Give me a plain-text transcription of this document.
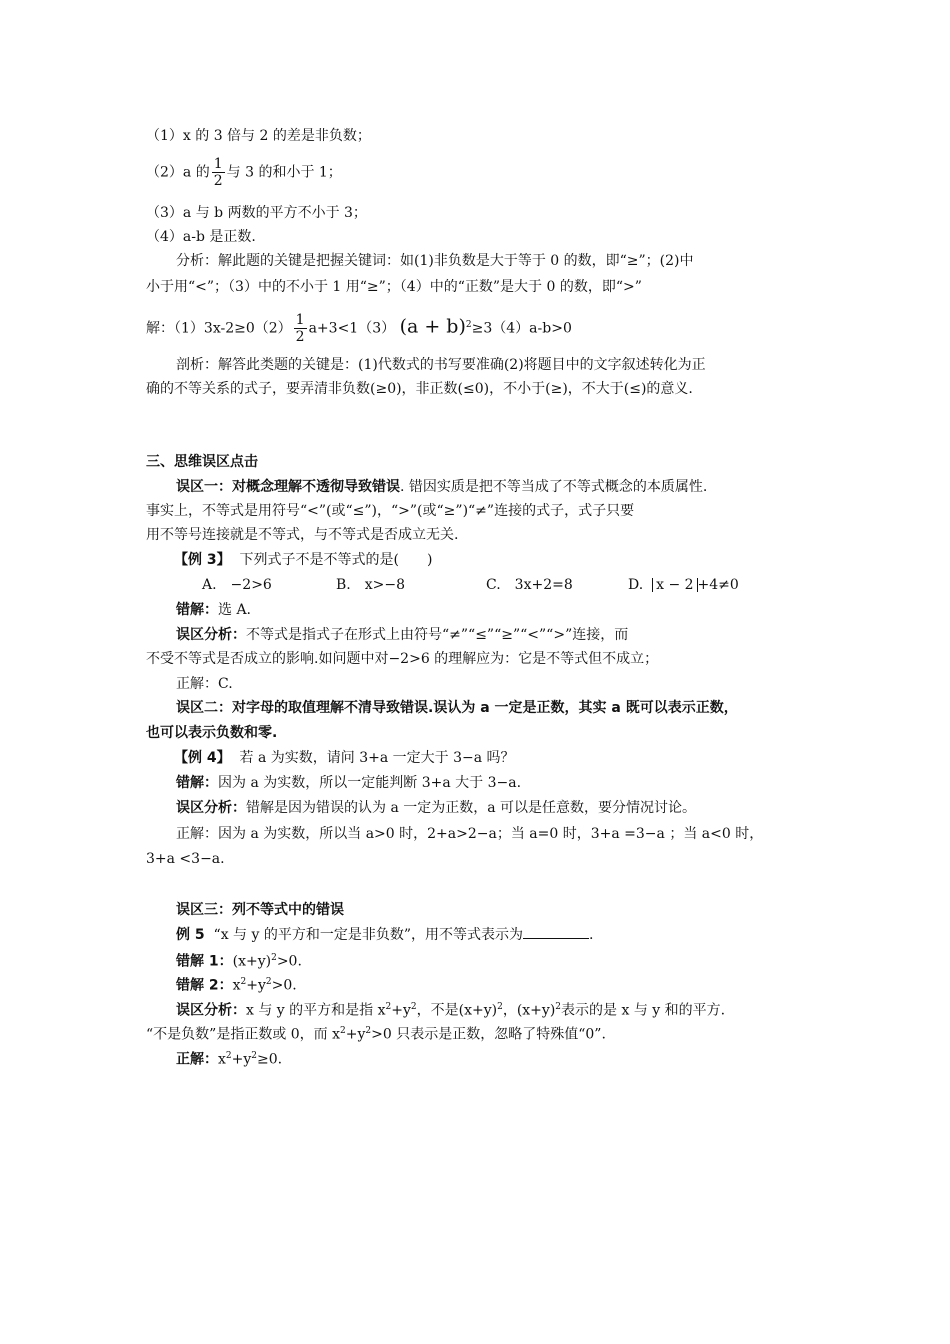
（1）x 的 3 倍与 2 的差是非负数；
（2）a 的 $\frac{1}{2}$ 与 3 的和小于 1；
（3）a 与 b 两数的平方不小于 3；
（4）a-b 是正数.
分析：解此题的关键是把握关键词：如(1)非负数是大于等于 0 的数，即“≥”；(2)中
小于用“<”；（3）中的不小于 1 用“≥”；（4）中的“正数”是大于 0 的数，即“>”
解：$(1)3x-2\ge 0(2) \frac{1}{2} a+3<1(3) (a + b)^2\ge 3(4)a-b>0$
剖析：解答此类题的关键是：(1)代数式的书写要准确(2)将题目中的文字叙述转化为正
确的不等关系的式子，要弄清非负数(≥0)，非正数(≤0)，不小于(≥)，不大于(≤)的意义.
三、思维误区点击
误区一：对概念理解不透彻导致错误. 错因实质是把不等当成了不等式概念的本质属性.
事实上，不等式是用符号“<”(或“≤”)，“>”(或“≥”)“≠”连接的式子，式子只要
用不等号连接就是不等式，与不等式是否成立无关.
【例 3】 下列式子不是不等式的是(　　)
A.　−2>6	B.　x>−8	C.　3x+2=8	D. x − 2 +4≠0
错解：选 A.
误区分析：不等式是指式子在形式上由符号“≠”“≤”“≥”“<”“>”连接，而
不受不等式是否成立的影响.如问题中对−2>6 的理解应为：它是不等式但不成立；
正解：C.
误区二：对字母的取值理解不清导致错误.误认为 a 一定是正数，其实 a 既可以表示正数，
也可以表示负数和零.
【例 4】 若 a 为实数，请问 3+a 一定大于 3−a 吗？
错解：因为 a 为实数，所以一定能判断 3+a 大于 3−a.
误区分析：错解是因为错误的认为 a 一定为正数，a 可以是任意数，要分情况讨论。
正解：因为 a 为实数，所以当 a>0 时，2+a>2−a；当 a=0 时，3+a =3−a ；当 a<0 时，
3+a <3−a.
误区三：列不等式中的错误
例 5 “x 与 y 的平方和一定是非负数”，用不等式表示为	.
错解 1：$(x+y)^2>0$.
错解 2：$x^2+y^2>0$.
误区分析：x 与 y 的平方和是指 $x^2+y^2$，不是$(x+y)^2$，$(x+y)^2$表示的是 x 与 y 和的平方.
“不是负数”是指正数或 0，而 $x^2+y^2>0$ 只表示是正数，忽略了特殊值“0”.
正解：$x^2+y^2\ge 0$.
